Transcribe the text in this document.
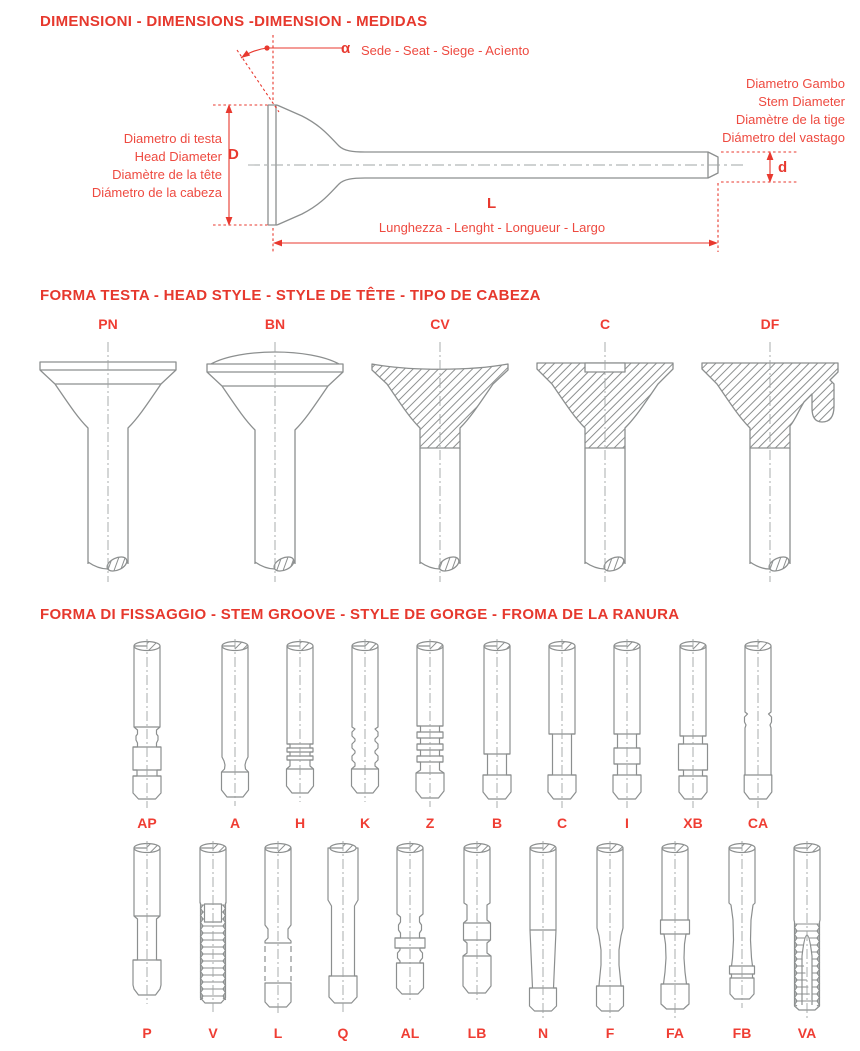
DIMENSIONI - DIMENSIONS -DIMENSION - MEDIDAS
α Sede - Seat - Siege - Acìento
Diametro Gambo
Stem Diameter
Diamètre de la tige
Diámetro del vastago
d
Diametro di testa
Head Diameter
Diamètre de la tête
Diámetro de la cabeza
D
L
Lunghezza - Lenght - Longueur - Largo
FORMA TESTA - HEAD STYLE - STYLE DE TÊTE - TIPO DE CABEZA
PN	BN	CV	C	DF
FORMA DI FISSAGGIO - STEM GROOVE - STYLE DE GORGE - FROMA DE LA RANURA
AP	A	H	K	Z	B	C	I	XB	CA
P	V	L	Q	AL	LB	N	F	FA	FB	VA
